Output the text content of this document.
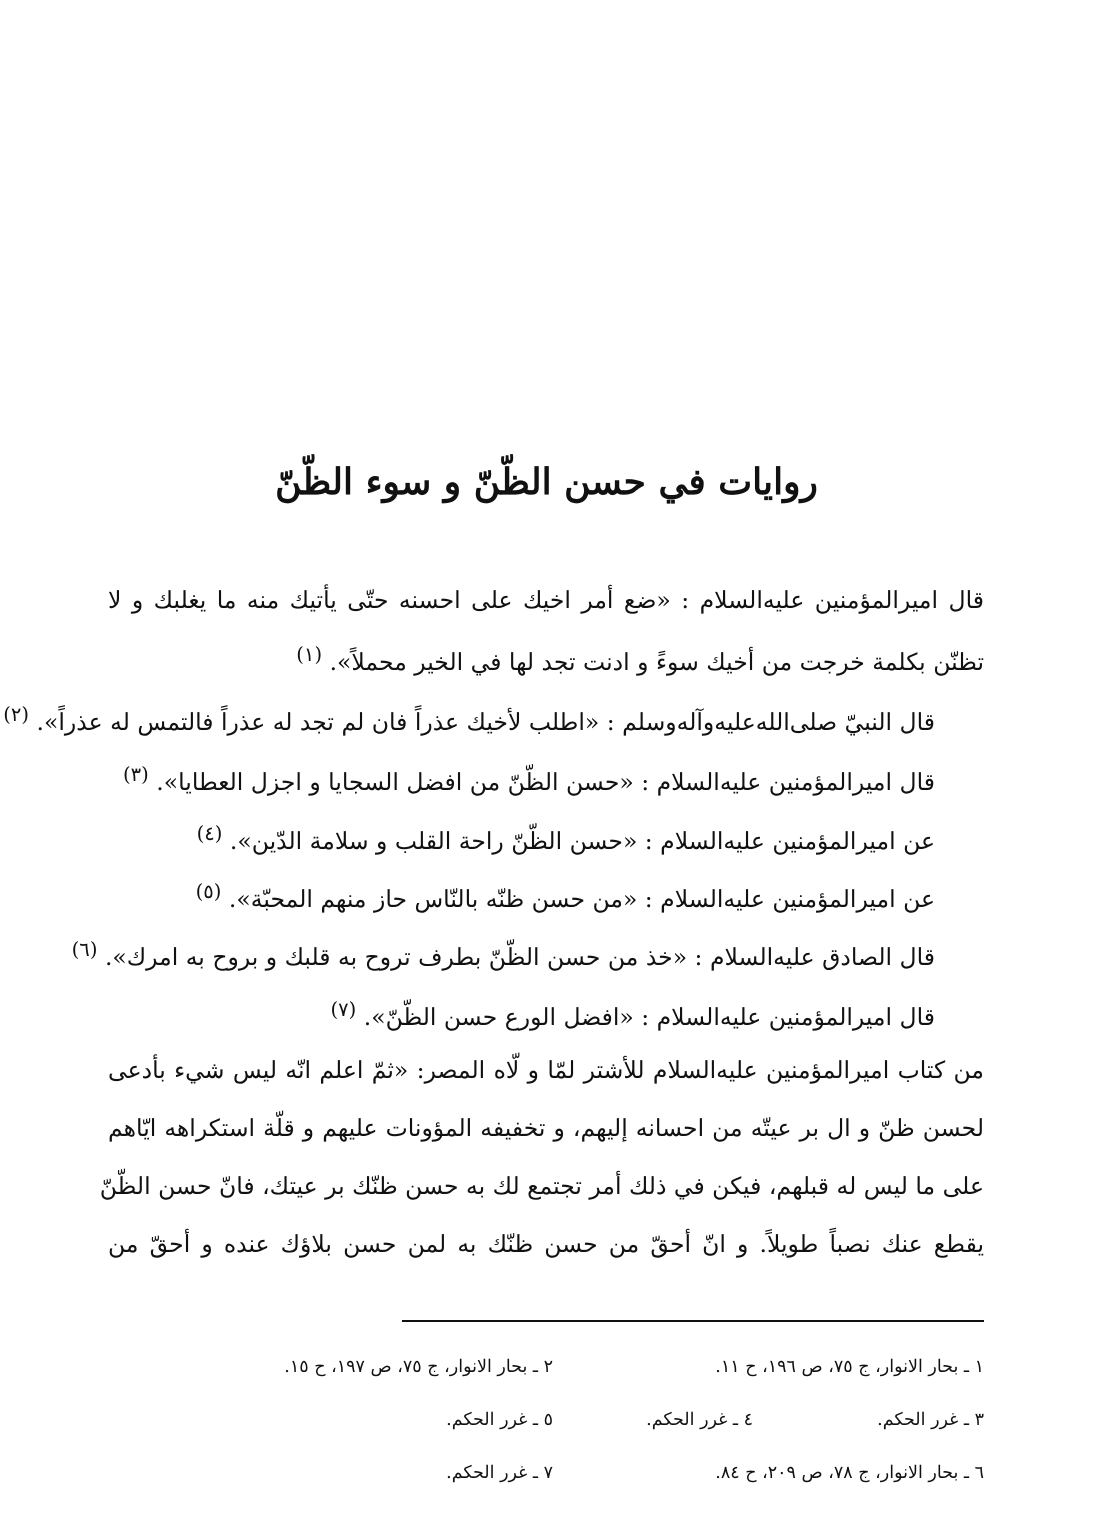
روايات في حسن الظّنّ و سوء الظّنّ
قال اميرالمؤمنين عليه‌السلام : «ضع أمر اخيك على احسنه حتّى يأتيك منه ما يغلبك و لا
تظنّن بكلمة خرجت من أخيك سوءً و ادنت تجد لها في الخير محملاً». $^{(١)}$
قال النبيّ صلى‌الله‌عليه‌وآله‌وسلم : «اطلب لأخيك عذراً فان لم تجد له عذراً فالتمس له عذراً». $^{(٢)}$
قال اميرالمؤمنين عليه‌السلام : «حسن الظّنّ من افضل السجايا و اجزل العطايا». $^{(٣)}$
عن اميرالمؤمنين عليه‌السلام : «حسن الظّنّ راحة القلب و سلامة الدّين». $^{(٤)}$
عن اميرالمؤمنين عليه‌السلام : «من حسن ظنّه بالنّاس حاز منهم المحبّة». $^{(٥)}$
قال الصادق عليه‌السلام : «خذ من حسن الظّنّ بطرف تروح به قلبك و بروح به امرك». $^{(٦)}$
قال اميرالمؤمنين عليه‌السلام : «افضل الورع حسن الظّنّ». $^{(٧)}$
من كتاب اميرالمؤمنين عليه‌السلام للأشتر لمّا و لّاه المصر: «ثمّ اعلم انّه ليس شيء بأدعى
لحسن ظنّ و ال بر عيتّه من احسانه إليهم، و تخفيفه المؤونات عليهم و قلّة استكراهه ايّاهم
على ما ليس له قبلهم، فيكن في ذلك أمر تجتمع لك به حسن ظنّك بر عيتك، فانّ حسن الظّنّ
يقطع عنك نصباً طويلاً. و انّ أحقّ من حسن ظنّك به لمن حسن بلاؤك عنده و أحقّ من
١ ـ بحار الانوار، ج ٧٥، ص ١٩٦، ح ١١.
٢ ـ بحار الانوار، ج ٧٥، ص ١٩٧، ح ١٥.
٣ ـ غرر الحكم.
٤ ـ غرر الحكم.
٥ ـ غرر الحكم.
٦ ـ بحار الانوار، ج ٧٨، ص ٢٠٩، ح ٨٤.
٧ ـ غرر الحكم.
